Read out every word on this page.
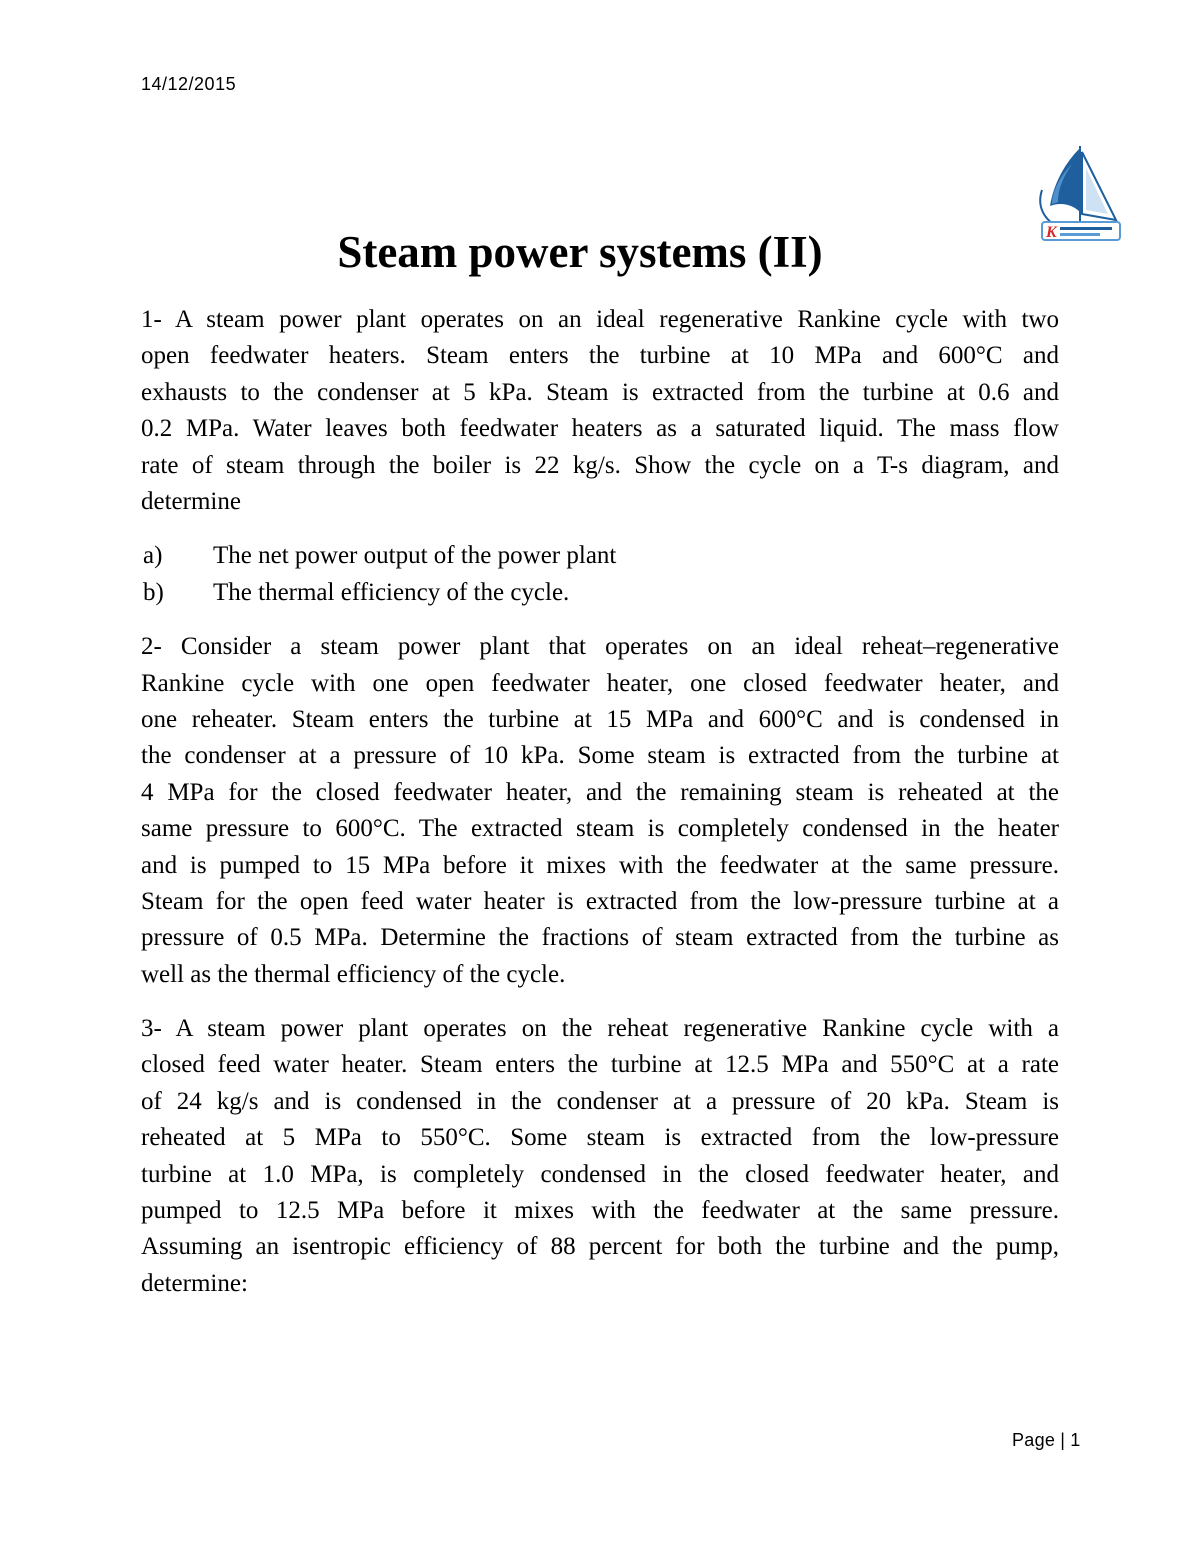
14/12/2015
K
Steam power systems (II)
1- A steam power plant operates on an ideal regenerative Rankine cycle with two
open feedwater heaters. Steam enters the turbine at 10 MPa and 600°C and
exhausts to the condenser at 5 kPa. Steam is extracted from the turbine at 0.6 and
0.2 MPa. Water leaves both feedwater heaters as a saturated liquid. The mass flow
rate of steam through the boiler is 22 kg/s. Show the cycle on a T-s diagram, and
determine
a)	The net power output of the power plant
b)	The thermal efficiency of the cycle.
2- Consider a steam power plant that operates on an ideal reheat–regenerative
Rankine cycle with one open feedwater heater, one closed feedwater heater, and
one reheater. Steam enters the turbine at 15 MPa and 600°C and is condensed in
the condenser at a pressure of 10 kPa. Some steam is extracted from the turbine at
4 MPa for the closed feedwater heater, and the remaining steam is reheated at the
same pressure to 600°C. The extracted steam is completely condensed in the heater
and is pumped to 15 MPa before it mixes with the feedwater at the same pressure.
Steam for the open feed water heater is extracted from the low-pressure turbine at a
pressure of 0.5 MPa. Determine the fractions of steam extracted from the turbine as
well as the thermal efficiency of the cycle.
3- A steam power plant operates on the reheat regenerative Rankine cycle with a
closed feed water heater. Steam enters the turbine at 12.5 MPa and 550°C at a rate
of 24 kg/s and is condensed in the condenser at a pressure of 20 kPa. Steam is
reheated at 5 MPa to 550°C. Some steam is extracted from the low-pressure
turbine at 1.0 MPa, is completely condensed in the closed feedwater heater, and
pumped to 12.5 MPa before it mixes with the feedwater at the same pressure.
Assuming an isentropic efficiency of 88 percent for both the turbine and the pump,
determine:
Page | 1
